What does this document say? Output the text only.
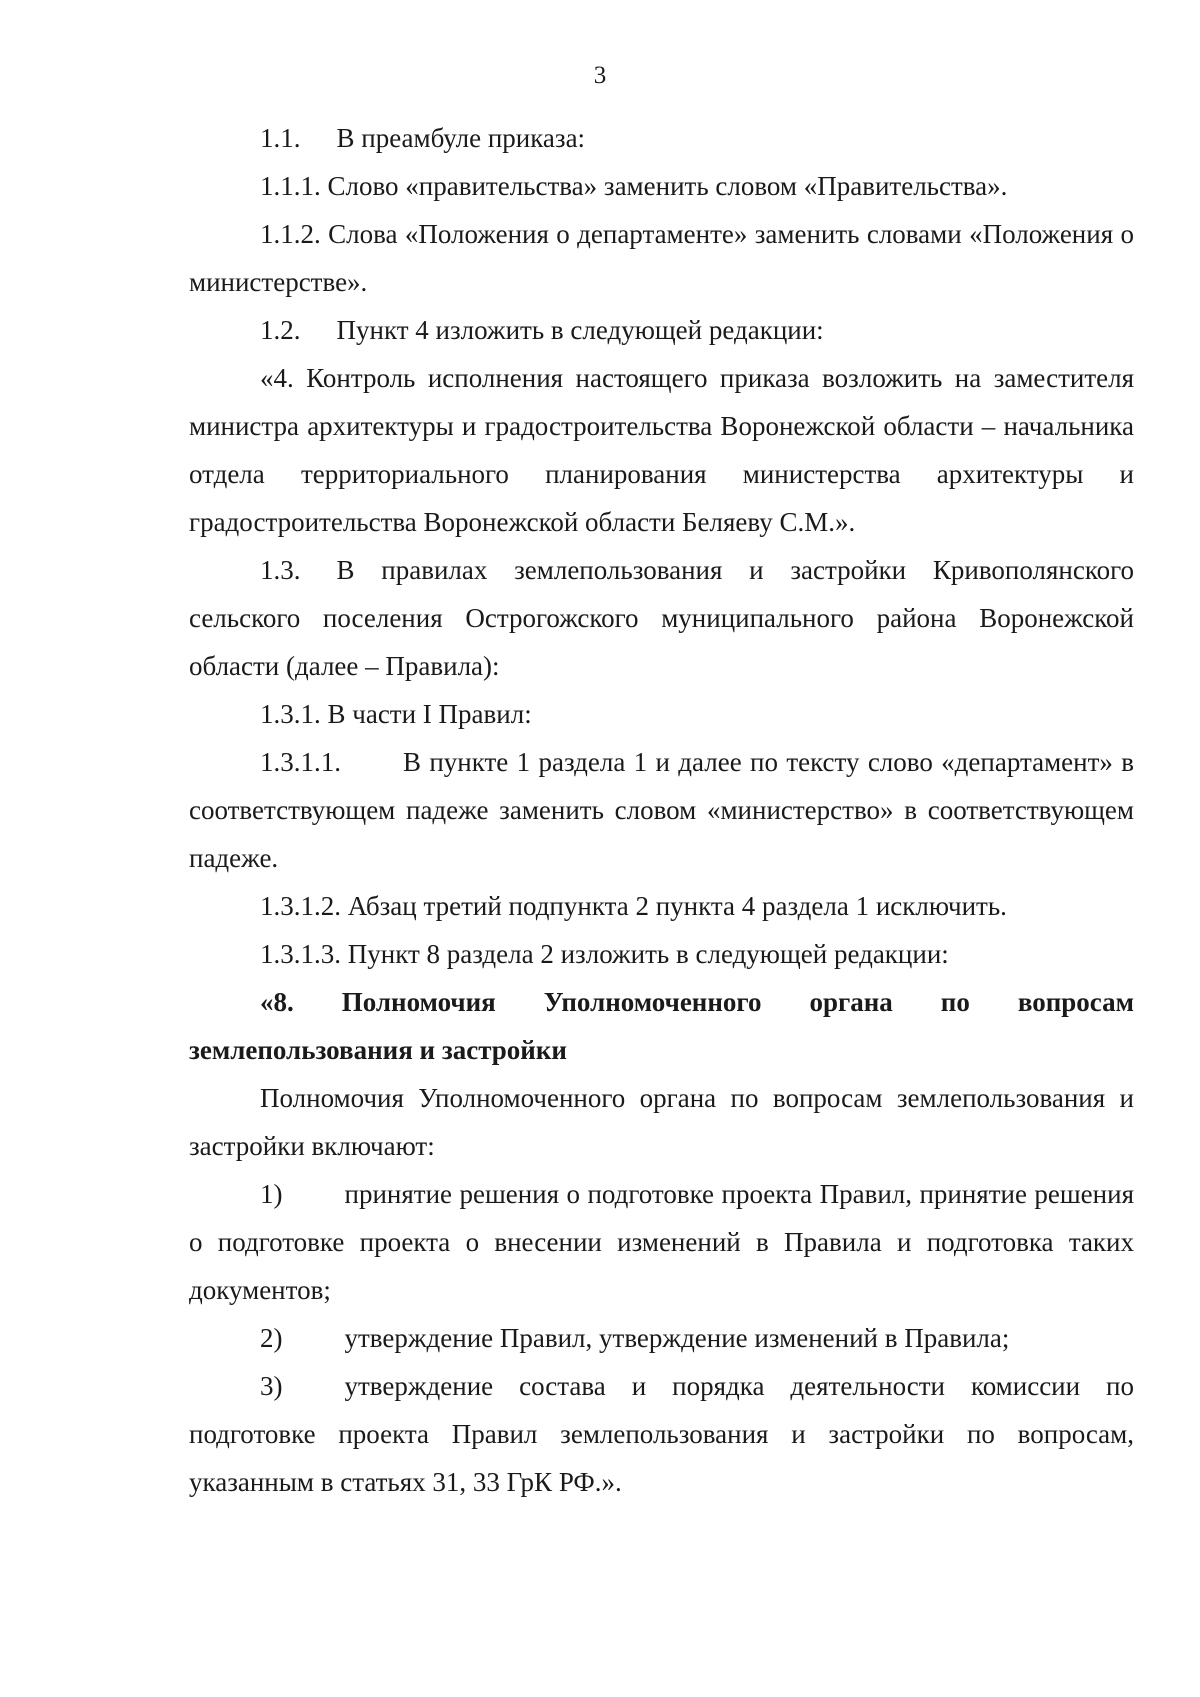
3

1.1. В преамбуле приказа:

1.1.1. Слово «правительства» заменить словом «Правительства».

1.1.2. Слова «Положения о департаменте» заменить словами «Положения о министерстве».

1.2. Пункт 4 изложить в следующей редакции:

«4. Контроль исполнения настоящего приказа возложить на заместителя министра архитектуры и градостроительства Воронежской области – начальника отдела территориального планирования министерства архитектуры и градостроительства Воронежской области Беляеву С.М.».

1.3. В правилах землепользования и застройки Кривополянского сельского поселения Острогожского муниципального района Воронежской области (далее – Правила):

1.3.1. В части I Правил:

1.3.1.1. В пункте 1 раздела 1 и далее по тексту слово «департамент» в соответствующем падеже заменить словом «министерство» в соответствующем падеже.

1.3.1.2. Абзац третий подпункта 2 пункта 4 раздела 1 исключить.

1.3.1.3. Пункт 8 раздела 2 изложить в следующей редакции:

«8. Полномочия Уполномоченного органа по вопросам землепользования и застройки

Полномочия Уполномоченного органа по вопросам землепользования и застройки включают:

1) принятие решения о подготовке проекта Правил, принятие решения о подготовке проекта о внесении изменений в Правила и подготовка таких документов;

2) утверждение Правил, утверждение изменений в Правила;

3) утверждение состава и порядка деятельности комиссии по подготовке проекта Правил землепользования и застройки по вопросам, указанным в статьях 31, 33 ГрК РФ.».
